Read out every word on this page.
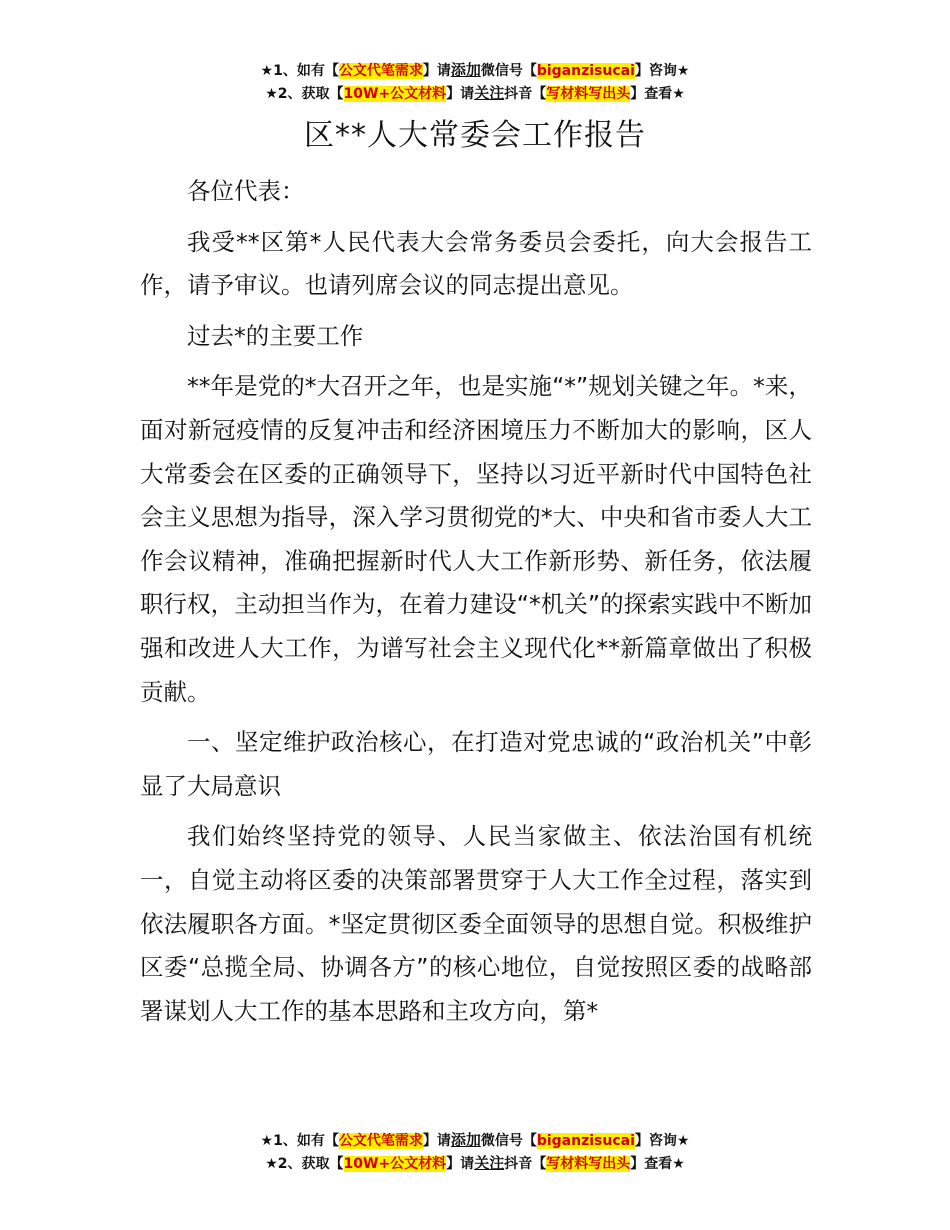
★1、如有【公文代笔需求】请添加微信号【biganzisucai】咨询★
★2、获取【10W+公文材料】请关注抖音【写材料写出头】查看★
区**人大常委会工作报告

各位代表：

我受**区第*人民代表大会常务委员会委托，向大会报告工作，请予审议。也请列席会议的同志提出意见。

过去*的主要工作

**年是党的*大召开之年，也是实施“*”规划关键之年。*来，面对新冠疫情的反复冲击和经济困境压力不断加大的影响，区人大常委会在区委的正确领导下，坚持以习近平新时代中国特色社会主义思想为指导，深入学习贯彻党的*大、中央和省市委人大工作会议精神，准确把握新时代人大工作新形势、新任务，依法履职行权，主动担当作为，在着力建设“*机关”的探索实践中不断加强和改进人大工作，为谱写社会主义现代化**新篇章做出了积极贡献。

一、坚定维护政治核心，在打造对党忠诚的“政治机关”中彰显了大局意识

我们始终坚持党的领导、人民当家做主、依法治国有机统一，自觉主动将区委的决策部署贯穿于人大工作全过程，落实到依法履职各方面。*坚定贯彻区委全面领导的思想自觉。积极维护区委“总揽全局、协调各方”的核心地位，自觉按照区委的战略部署谋划人大工作的基本思路和主攻方向，第*

★1、如有【公文代笔需求】请添加微信号【biganzisucai】咨询★
★2、获取【10W+公文材料】请关注抖音【写材料写出头】查看★
